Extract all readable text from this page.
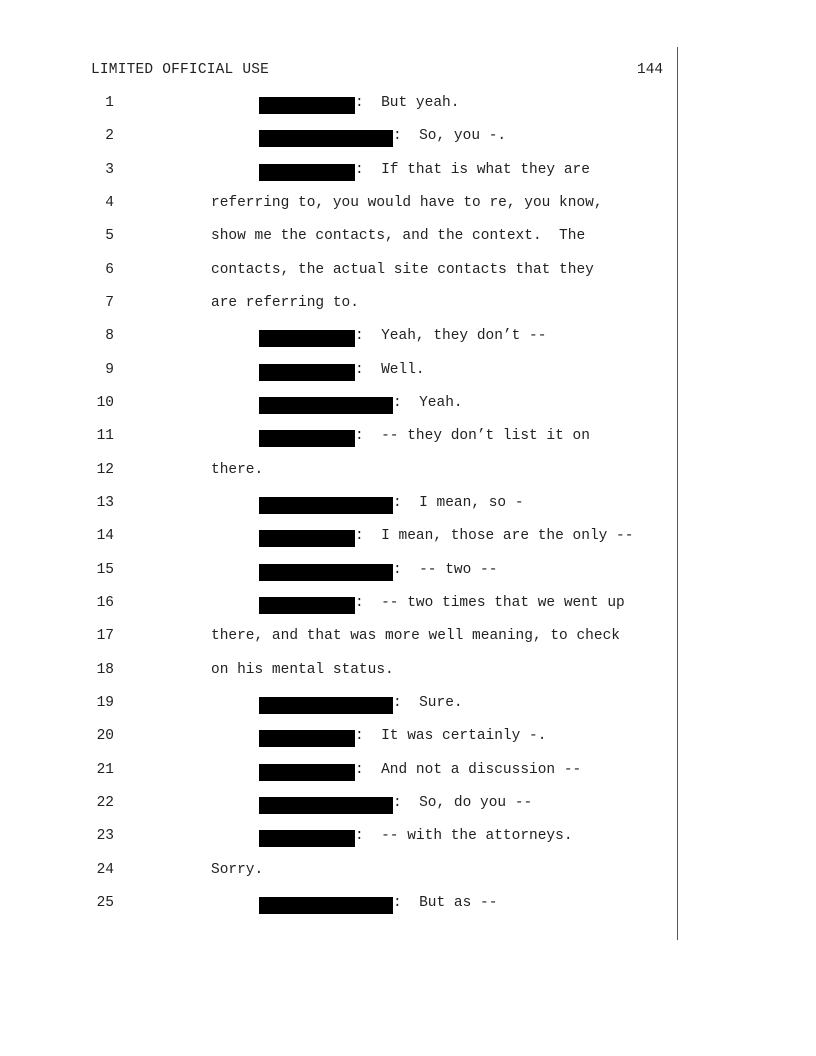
LIMITED OFFICIAL USE	144
1	:  But yeah.
2	:  So, you -.
3	:  If that is what they are
4	referring to, you would have to re, you know,
5	show me the contacts, and the context.  The
6	contacts, the actual site contacts that they
7	are referring to.
8	:  Yeah, they don’t --
9	:  Well.
10	:  Yeah.
11	:  -- they don’t list it on
12	there.
13	:  I mean, so -
14	:  I mean, those are the only --
15	:  -- two --
16	:  -- two times that we went up
17	there, and that was more well meaning, to check
18	on his mental status.
19	:  Sure.
20	:  It was certainly -.
21	:  And not a discussion --
22	:  So, do you --
23	:  -- with the attorneys.
24	Sorry.
25	:  But as --
